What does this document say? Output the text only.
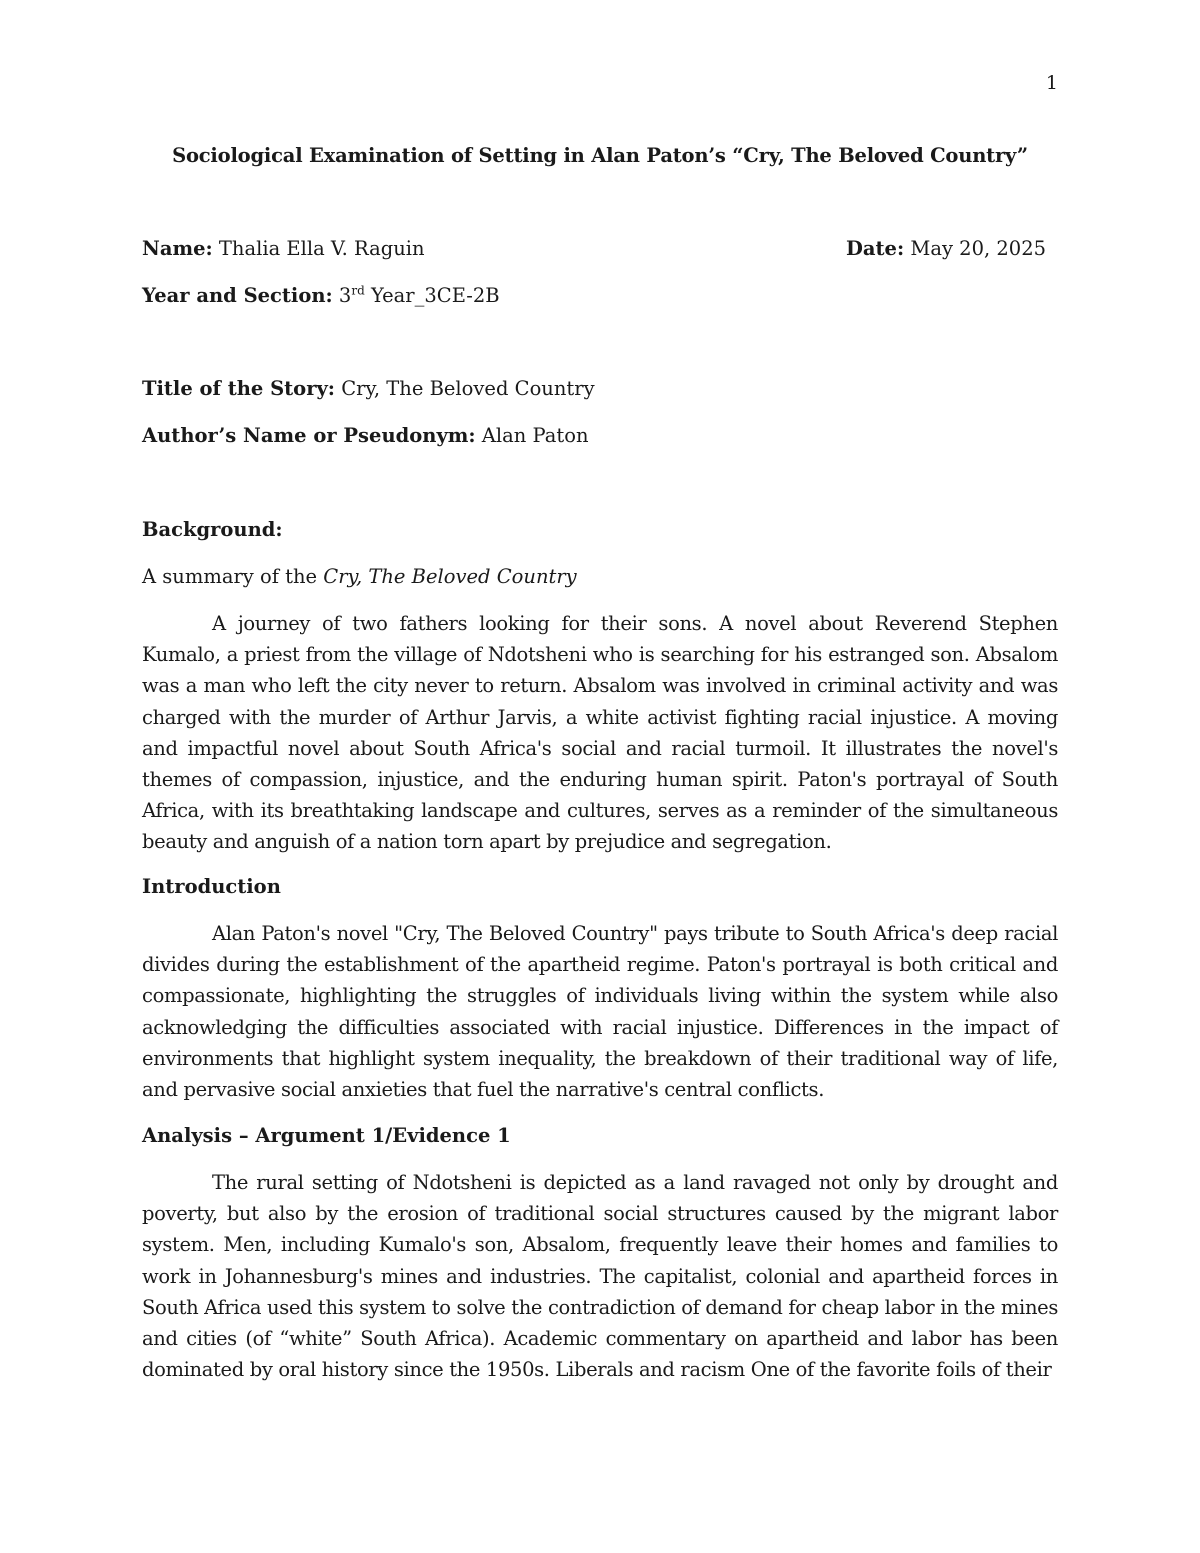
1
Sociological Examination of Setting in Alan Paton’s “Cry, The Beloved Country”
Name: Thalia Ella V. Raguin	Date: May 20, 2025
Year and Section: 3rd Year_3CE-2B
Title of the Story: Cry, The Beloved Country
Author’s Name or Pseudonym: Alan Paton
Background:
A summary of the Cry, The Beloved Country
A journey of two fathers looking for their sons. A novel about Reverend Stephen Kumalo, a priest from the village of Ndotsheni who is searching for his estranged son. Absalom was a man who left the city never to return. Absalom was involved in criminal activity and was charged with the murder of Arthur Jarvis, a white activist fighting racial injustice. A moving and impactful novel about South Africa's social and racial turmoil. It illustrates the novel's themes of compassion, injustice, and the enduring human spirit. Paton's portrayal of South Africa, with its breathtaking landscape and cultures, serves as a reminder of the simultaneous beauty and anguish of a nation torn apart by prejudice and segregation.
Introduction
Alan Paton's novel "Cry, The Beloved Country" pays tribute to South Africa's deep racial divides during the establishment of the apartheid regime. Paton's portrayal is both critical and compassionate, highlighting the struggles of individuals living within the system while also acknowledging the difficulties associated with racial injustice. Differences in the impact of environments that highlight system inequality, the breakdown of their traditional way of life, and pervasive social anxieties that fuel the narrative's central conflicts.
Analysis – Argument 1/Evidence 1
The rural setting of Ndotsheni is depicted as a land ravaged not only by drought and poverty, but also by the erosion of traditional social structures caused by the migrant labor system. Men, including Kumalo's son, Absalom, frequently leave their homes and families to work in Johannesburg's mines and industries. The capitalist, colonial and apartheid forces in South Africa used this system to solve the contradiction of demand for cheap labor in the mines and cities (of “white” South Africa). Academic commentary on apartheid and labor has been dominated by oral history since the 1950s. Liberals and racism One of the favorite foils of their
